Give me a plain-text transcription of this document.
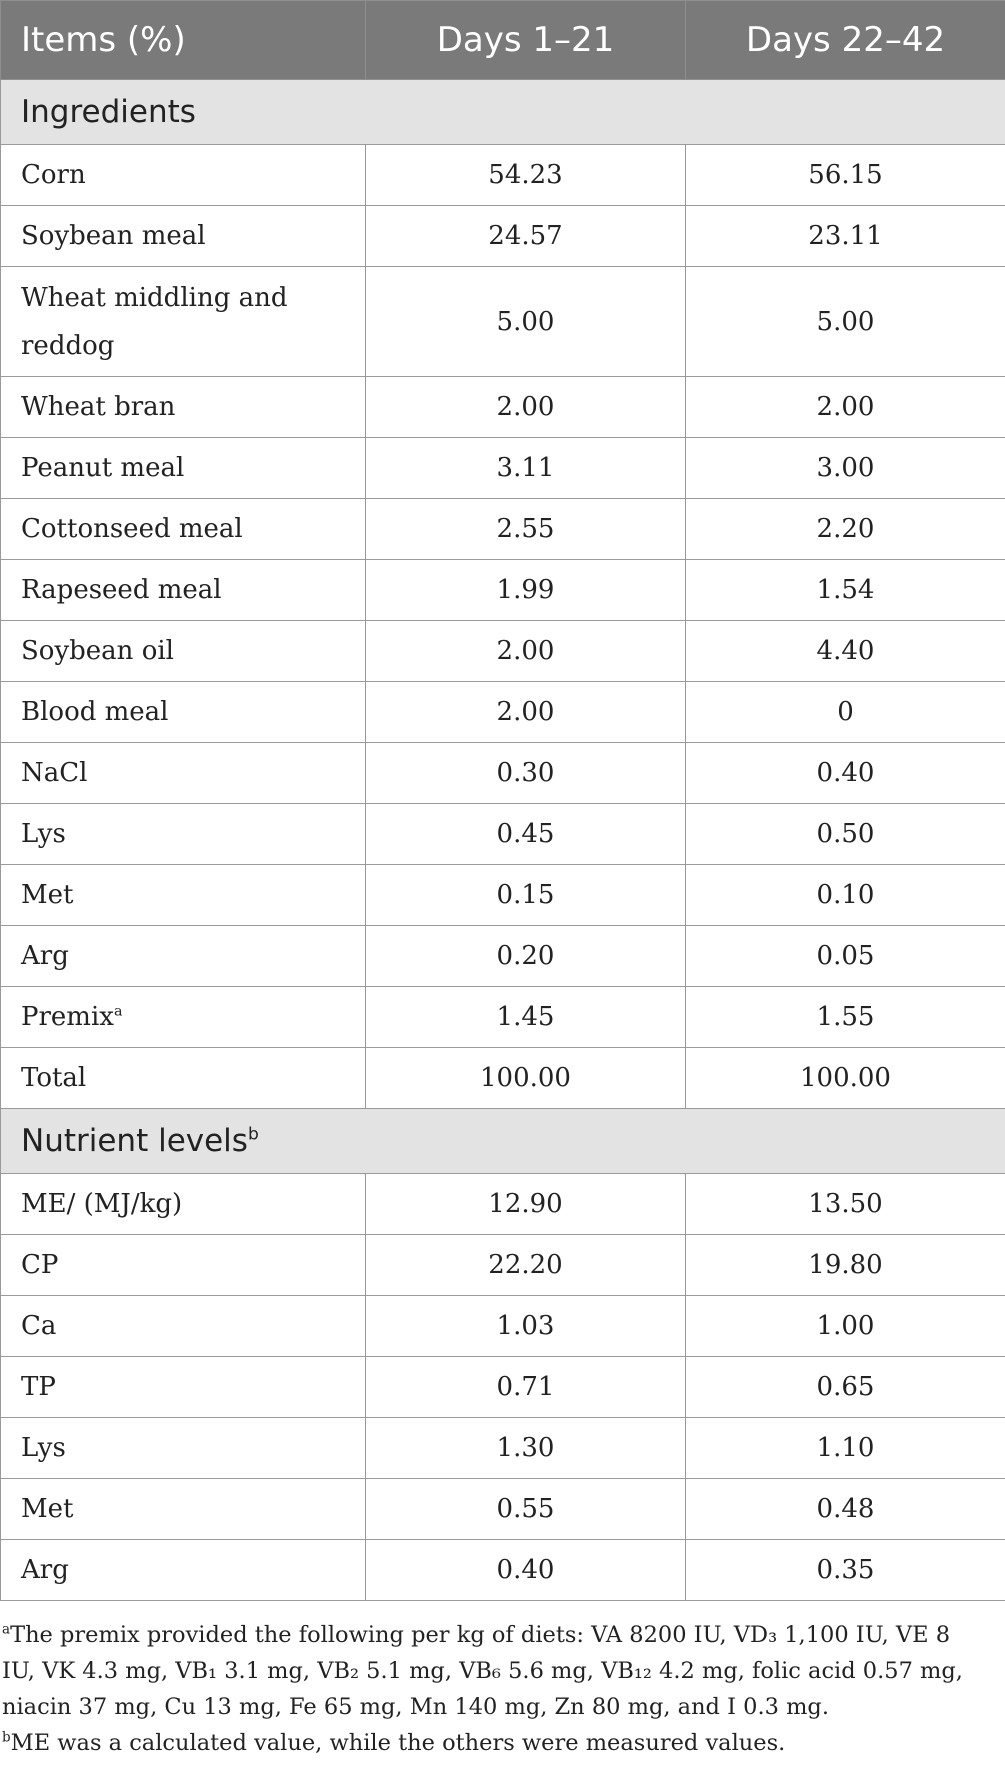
Items (%)	Days 1–21	Days 22–42
Ingredients		
Corn	54.23	56.15
Soybean meal	24.57	23.11
Wheat middling and
reddog	5.00	5.00
Wheat bran	2.00	2.00
Peanut meal	3.11	3.00
Cottonseed meal	2.55	2.20
Rapeseed meal	1.99	1.54
Soybean oil	2.00	4.40
Blood meal	2.00	0
NaCl	0.30	0.40
Lys	0.45	0.50
Met	0.15	0.10
Arg	0.20	0.05
Premix$^a$	1.45	1.55
Total	100.00	100.00
Nutrient levels$^b$
ME/ (MJ/kg)	12.90	13.50
CP	22.20	19.80
Ca	1.03	1.00
TP	0.71	0.65
Lys	1.30	1.10
Met	0.55	0.48
Arg	0.40	0.35
$^a$The premix provided the following per kg of diets: VA 8200 IU, VD₃ 1,100 IU, VE 8 IU, VK 4.3 mg, VB₁ 3.1 mg, VB₂ 5.1 mg, VB₆ 5.6 mg, VB₁₂ 4.2 mg, folic acid 0.57 mg, niacin 37 mg, Cu 13 mg, Fe 65 mg, Mn 140 mg, Zn 80 mg, and I 0.3 mg.
$^b$ME was a calculated value, while the others were measured values.
